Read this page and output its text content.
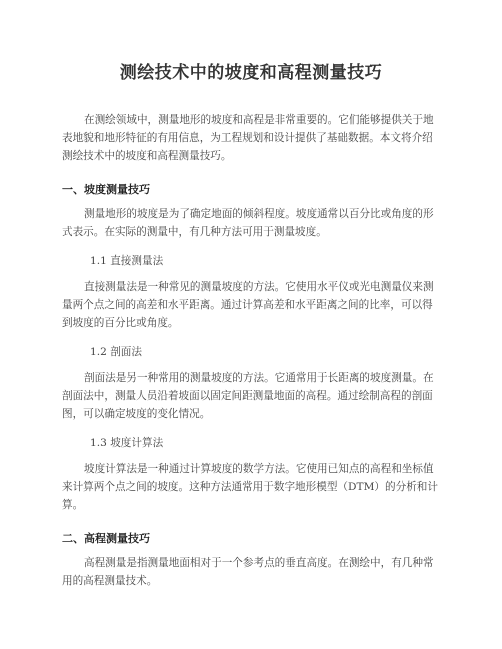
测绘技术中的坡度和高程测量技巧

在测绘领域中，测量地形的坡度和高程是非常重要的。它们能够提供关于地表地貌和地形特征的有用信息，为工程规划和设计提供了基础数据。本文将介绍测绘技术中的坡度和高程测量技巧。

一、坡度测量技巧

测量地形的坡度是为了确定地面的倾斜程度。坡度通常以百分比或角度的形式表示。在实际的测量中，有几种方法可用于测量坡度。

1.1 直接测量法

直接测量法是一种常见的测量坡度的方法。它使用水平仪或光电测量仪来测量两个点之间的高差和水平距离。通过计算高差和水平距离之间的比率，可以得到坡度的百分比或角度。

1.2 剖面法

剖面法是另一种常用的测量坡度的方法。它通常用于长距离的坡度测量。在剖面法中，测量人员沿着坡面以固定间距测量地面的高程。通过绘制高程的剖面图，可以确定坡度的变化情况。

1.3 坡度计算法

坡度计算法是一种通过计算坡度的数学方法。它使用已知点的高程和坐标值来计算两个点之间的坡度。这种方法通常用于数字地形模型（DTM）的分析和计算。

二、高程测量技巧

高程测量是指测量地面相对于一个参考点的垂直高度。在测绘中，有几种常用的高程测量技术。
